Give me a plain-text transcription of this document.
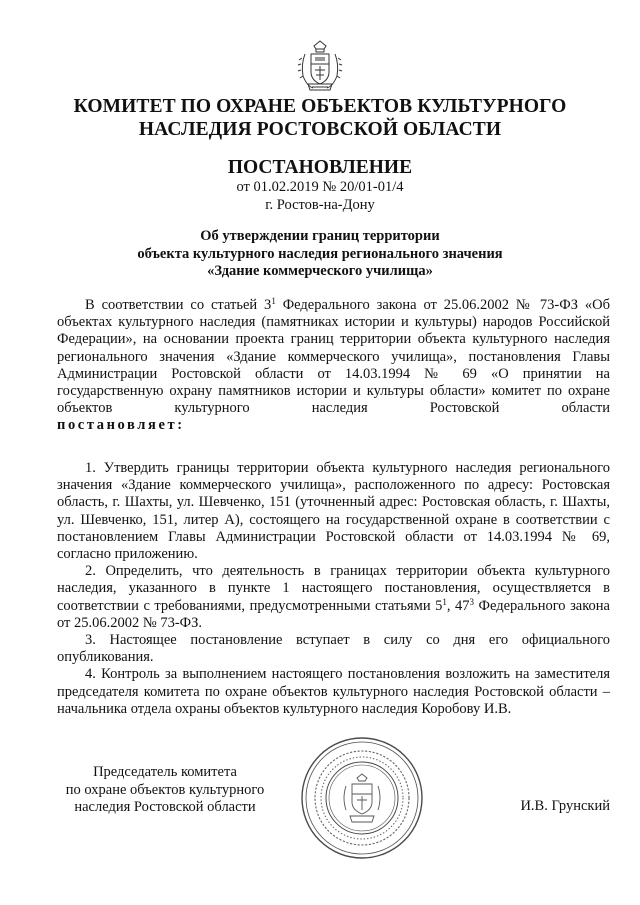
КОМИТЕТ ПО ОХРАНЕ ОБЪЕКТОВ КУЛЬТУРНОГО
НАСЛЕДИЯ РОСТОВСКОЙ ОБЛАСТИ
ПОСТАНОВЛЕНИЕ
от 01.02.2019 № 20/01-01/4
г. Ростов-на-Дону
Об утверждении границ территории
объекта культурного наследия регионального значения
«Здание коммерческого училища»

В соответствии со статьей $3^1$ Федерального закона от 25.06.2002 № 73-ФЗ «Об объектах культурного наследия (памятниках истории и культуры) народов Российской Федерации», на основании проекта границ территории объекта культурного наследия регионального значения «Здание коммерческого училища», постановления Главы Администрации Ростовской области от 14.03.1994 № 69 «О принятии на государственную охрану памятников истории и культуры области» комитет по охране объектов культурного наследия Ростовской области

постановляет:

1. Утвердить границы территории объекта культурного наследия регионального значения «Здание коммерческого училища», расположенного по адресу: Ростовская область, г. Шахты, ул. Шевченко, 151 (уточненный адрес: Ростовская область, г. Шахты, ул. Шевченко, 151, литер А), состоящего на государственной охране в соответствии с постановлением Главы Администрации Ростовской области от 14.03.1994 № 69, согласно приложению.

2. Определить, что деятельность в границах территории объекта культурного наследия, указанного в пункте 1 настоящего постановления, осуществляется в соответствии с требованиями, предусмотренными статьями $5^1$, $47^3$ Федерального закона от 25.06.2002 № 73-ФЗ.

3. Настоящее постановление вступает в силу со дня его официального опубликования.

4. Контроль за выполнением настоящего постановления возложить на заместителя председателя комитета по охране объектов культурного наследия Ростовской области – начальника отдела охраны объектов культурного наследия Коробову И.В.

Председатель комитета
по охране объектов культурного
наследия Ростовской области	И.В. Грунский
